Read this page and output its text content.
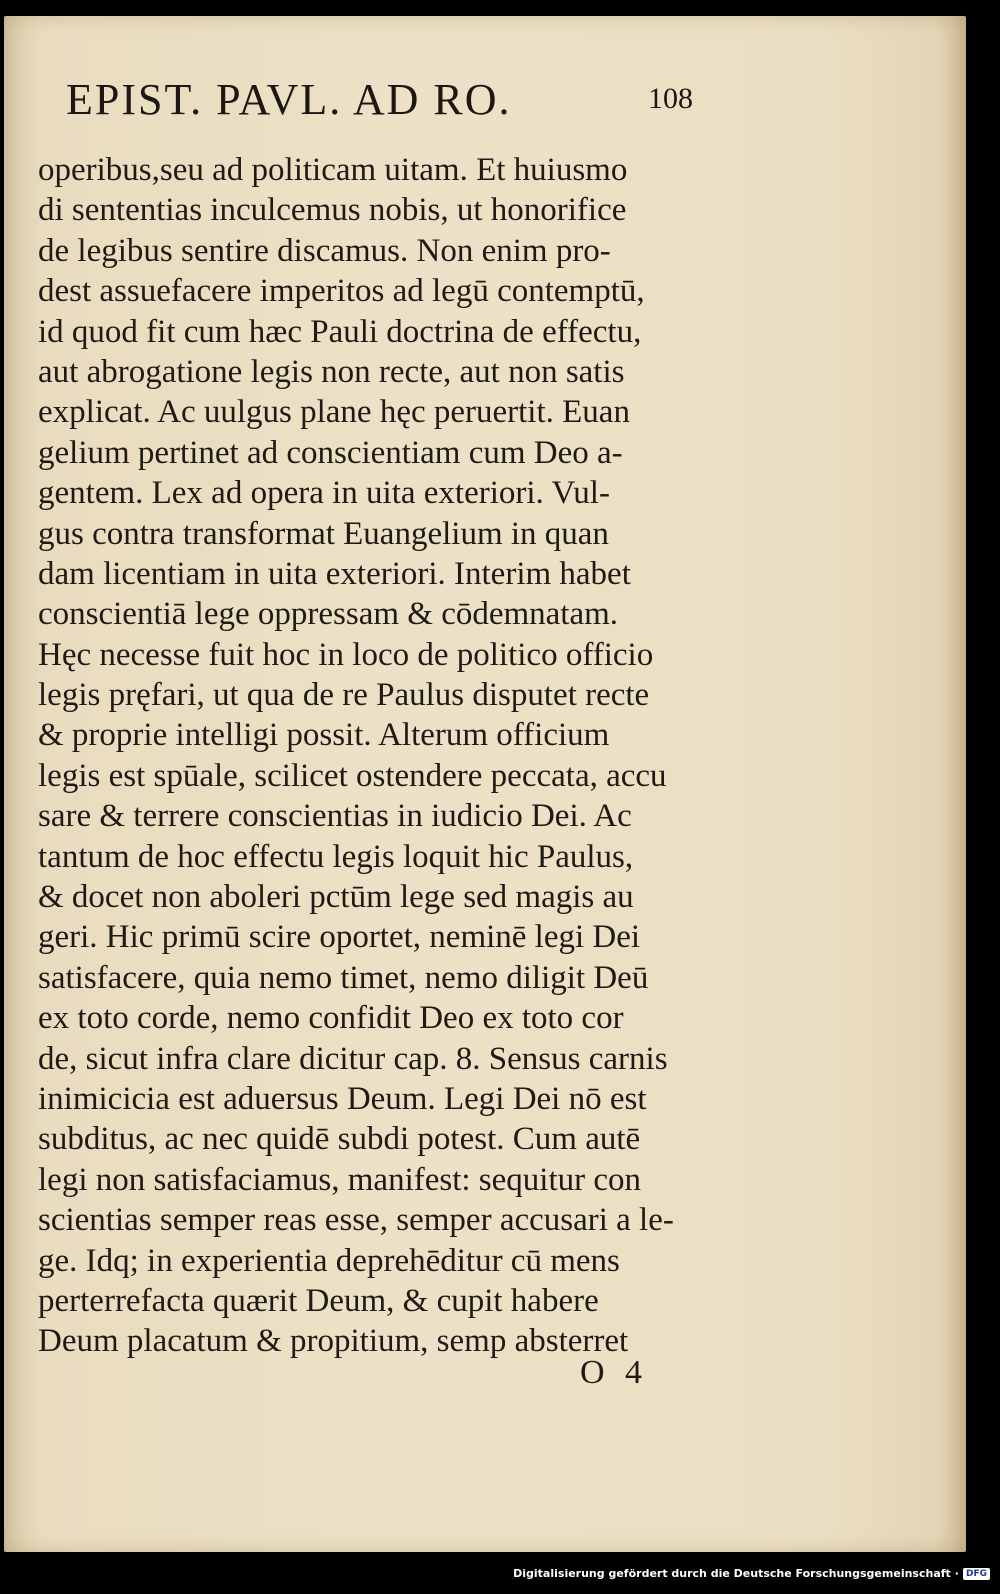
EPIST. PAVL. AD RO.	108
operibus,seu ad politicam uitam. Et huiusmo
di sententias inculcemus nobis, ut honorifice
de legibus sentire discamus. Non enim pro-
dest assuefacere imperitos ad legū contemptū,
id quod fit cum hæc Pauli doctrina de effectu,
aut abrogatione legis non recte, aut non satis
explicat. Ac uulgus plane hęc peruertit. Euan
gelium pertinet ad conscientiam cum Deo a-
gentem. Lex ad opera in uita exteriori. Vul-
gus contra transformat Euangelium in quan
dam licentiam in uita exteriori. Interim habet
conscientiā lege oppressam & cōdemnatam.
Hęc necesse fuit hoc in loco de politico officio
legis pręfari, ut qua de re Paulus disputet recte
& proprie intelligi possit. Alterum officium
legis est spūale, scilicet ostendere peccata, accu
sare & terrere conscientias in iudicio Dei. Ac
tantum de hoc effectu legis loquit hic Paulus,
& docet non aboleri pctūm lege sed magis au
geri. Hic primū scire oportet, neminē legi Dei
satisfacere, quia nemo timet, nemo diligit Deū
ex toto corde, nemo confidit Deo ex toto cor
de, sicut infra clare dicitur cap. 8. Sensus carnis
inimicicia est aduersus Deum. Legi Dei nō est
subditus, ac nec quidē subdi potest. Cum autē
legi non satisfaciamus, manifest: sequitur con
scientias semper reas esse, semper accusari a le-
ge. Idq; in experientia deprehēditur cū mens
perterrefacta quærit Deum, & cupit habere
Deum placatum & propitium, semp absterret
O 4
Digitalisierung gefördert durch die Deutsche Forschungsgemeinschaft · DFG
